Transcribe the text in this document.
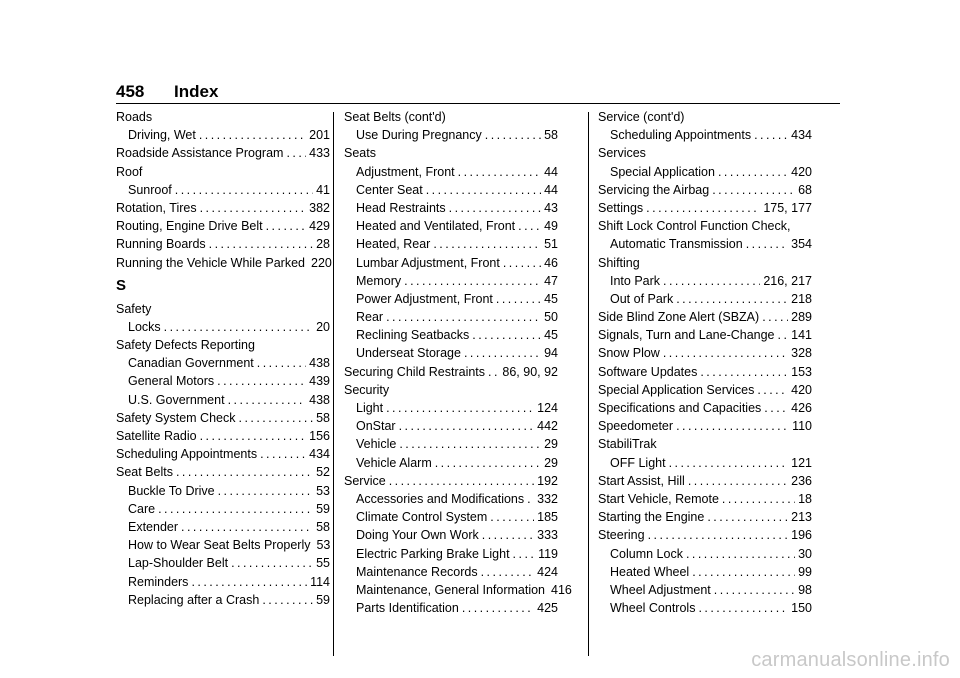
458 Index
Roads
Driving, Wet . . .	201
Roadside Assistance Program . . . 433
Roof
Sunroof . . .	41
Rotation, Tires . . .	382
Routing, Engine Drive Belt . . .	429
Running Boards . . .	28
Running the Vehicle While Parked 220
S
Safety
Locks . . .	20
Safety Defects Reporting
Canadian Government . . .	438
General Motors . . .	439
U.S. Government . . .	438
Safety System Check . . .	58
Satellite Radio . . .	156
Scheduling Appointments . . .	434
Seat Belts . . .	52
Buckle To Drive . . .	53
Care . . .	59
Extender . . .	58
How to Wear Seat Belts Properly 53
Lap-Shoulder Belt . . .	55
Reminders . . .	114
Replacing after a Crash . . .	59
Seat Belts (cont'd)
Use During Pregnancy . . .	58
Seats
Adjustment, Front . . .	44
Center Seat . . .	44
Head Restraints . . .	43
Heated and Ventilated, Front . . . 49
Heated, Rear . . .	51
Lumbar Adjustment, Front . . .	46
Memory . . .	47
Power Adjustment, Front . . .	45
Rear . . .	50
Reclining Seatbacks . . .	45
Underseat Storage . . .	94
Securing Child Restraints . . . 86, 90, 92
Security
Light . . .	124
OnStar . . .	442
Vehicle . . .	29
Vehicle Alarm . . .	29
Service . . .	192
Accessories and Modifications . . . 332
Climate Control System . . .	185
Doing Your Own Work . . .	333
Electric Parking Brake Light . . . 119
Maintenance Records . . .	424
Maintenance, General Information 416
Parts Identification . . .	425
Service (cont'd)
Scheduling Appointments . . .	434
Services
Special Application . . .	420
Servicing the Airbag . . .	68
Settings . . .	175, 177
Shift Lock Control Function Check,
Automatic Transmission . . .	354
Shifting
Into Park . . .	216, 217
Out of Park . . .	218
Side Blind Zone Alert (SBZA) . . .	289
Signals, Turn and Lane-Change . . . 141
Snow Plow . . .	328
Software Updates . . .	153
Special Application Services . . .	420
Specifications and Capacities . . . 426
Speedometer . . .	110
StabiliTrak
OFF Light . . .	121
Start Assist, Hill . . .	236
Start Vehicle, Remote . . .	18
Starting the Engine . . .	213
Steering . . .	196
Column Lock . . .	30
Heated Wheel . . .	99
Wheel Adjustment . . .	98
Wheel Controls . . .	150
carmanualsonline.info
